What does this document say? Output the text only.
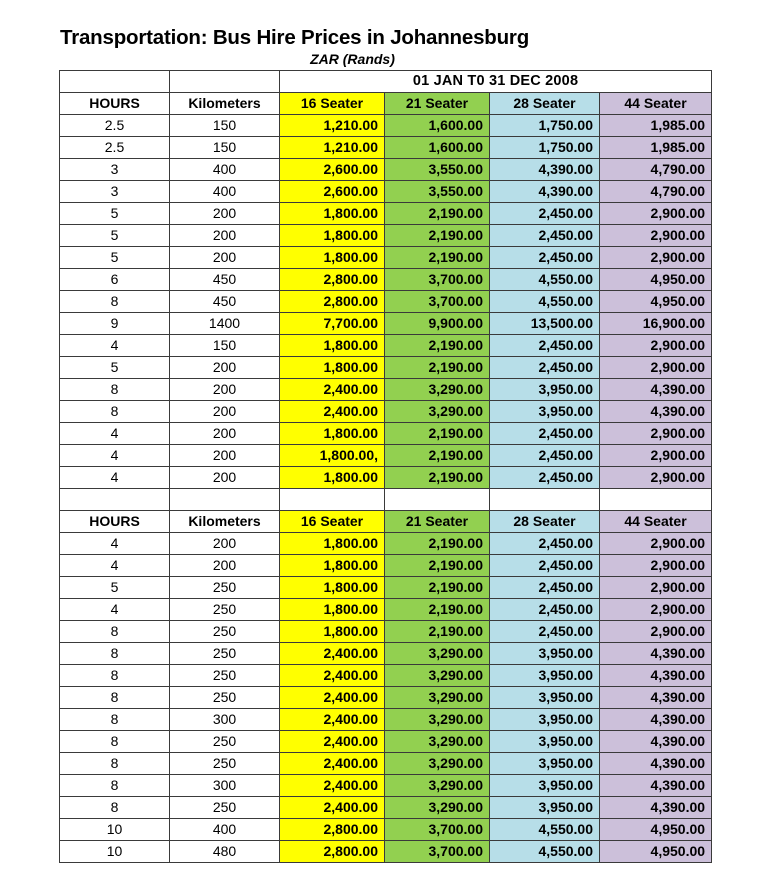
Transportation: Bus Hire Prices in Johannesburg
ZAR (Rands)
		01 JAN T0 31 DEC 2008			
HOURS	Kilometers	16 Seater	21 Seater	28 Seater	44 Seater
2.5	150	1,210.00	1,600.00	1,750.00	1,985.00
2.5	150	1,210.00	1,600.00	1,750.00	1,985.00
3	400	2,600.00	3,550.00	4,390.00	4,790.00
3	400	2,600.00	3,550.00	4,390.00	4,790.00
5	200	1,800.00	2,190.00	2,450.00	2,900.00
5	200	1,800.00	2,190.00	2,450.00	2,900.00
5	200	1,800.00	2,190.00	2,450.00	2,900.00
6	450	2,800.00	3,700.00	4,550.00	4,950.00
8	450	2,800.00	3,700.00	4,550.00	4,950.00
9	1400	7,700.00	9,900.00	13,500.00	16,900.00
4	150	1,800.00	2,190.00	2,450.00	2,900.00
5	200	1,800.00	2,190.00	2,450.00	2,900.00
8	200	2,400.00	3,290.00	3,950.00	4,390.00
8	200	2,400.00	3,290.00	3,950.00	4,390.00
4	200	1,800.00	2,190.00	2,450.00	2,900.00
4	200	1,800.00,	2,190.00	2,450.00	2,900.00
4	200	1,800.00	2,190.00	2,450.00	2,900.00

HOURS	Kilometers	16 Seater	21 Seater	28 Seater	44 Seater
4	200	1,800.00	2,190.00	2,450.00	2,900.00
4	200	1,800.00	2,190.00	2,450.00	2,900.00
5	250	1,800.00	2,190.00	2,450.00	2,900.00
4	250	1,800.00	2,190.00	2,450.00	2,900.00
8	250	1,800.00	2,190.00	2,450.00	2,900.00
8	250	2,400.00	3,290.00	3,950.00	4,390.00
8	250	2,400.00	3,290.00	3,950.00	4,390.00
8	250	2,400.00	3,290.00	3,950.00	4,390.00
8	300	2,400.00	3,290.00	3,950.00	4,390.00
8	250	2,400.00	3,290.00	3,950.00	4,390.00
8	250	2,400.00	3,290.00	3,950.00	4,390.00
8	300	2,400.00	3,290.00	3,950.00	4,390.00
8	250	2,400.00	3,290.00	3,950.00	4,390.00
10	400	2,800.00	3,700.00	4,550.00	4,950.00
10	480	2,800.00	3,700.00	4,550.00	4,950.00
